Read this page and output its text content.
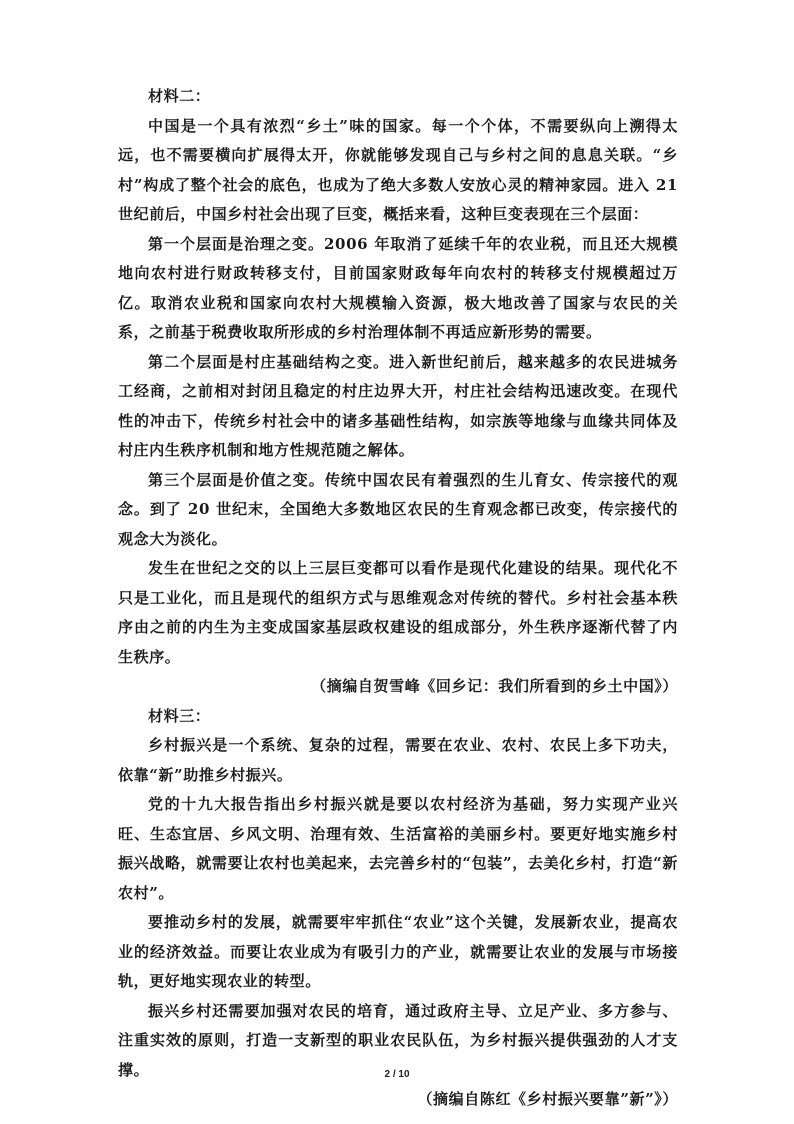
材料二：

中国是一个具有浓烈“乡土”味的国家。每一个个体，不需要纵向上溯得太远，也不需要横向扩展得太开，你就能够发现自己与乡村之间的息息关联。“乡村”构成了整个社会的底色，也成为了绝大多数人安放心灵的精神家园。进入 21 世纪前后，中国乡村社会出现了巨变，概括来看，这种巨变表现在三个层面：

第一个层面是治理之变。2006 年取消了延续千年的农业税，而且还大规模地向农村进行财政转移支付，目前国家财政每年向农村的转移支付规模超过万亿。取消农业税和国家向农村大规模输入资源，极大地改善了国家与农民的关系，之前基于税费收取所形成的乡村治理体制不再适应新形势的需要。

第二个层面是村庄基础结构之变。进入新世纪前后，越来越多的农民进城务工经商，之前相对封闭且稳定的村庄边界大开，村庄社会结构迅速改变。在现代性的冲击下，传统乡村社会中的诸多基础性结构，如宗族等地缘与血缘共同体及村庄内生秩序机制和地方性规范随之解体。

第三个层面是价值之变。传统中国农民有着强烈的生儿育女、传宗接代的观念。到了 20 世纪末，全国绝大多数地区农民的生育观念都已改变，传宗接代的观念大为淡化。

发生在世纪之交的以上三层巨变都可以看作是现代化建设的结果。现代化不只是工业化，而且是现代的组织方式与思维观念对传统的替代。乡村社会基本秩序由之前的内生为主变成国家基层政权建设的组成部分，外生秩序逐渐代替了内生秩序。

（摘编自贺雪峰《回乡记：我们所看到的乡土中国》）

材料三：

乡村振兴是一个系统、复杂的过程，需要在农业、农村、农民上多下功夫，依靠“新”助推乡村振兴。

党的十九大报告指出乡村振兴就是要以农村经济为基础，努力实现产业兴旺、生态宜居、乡风文明、治理有效、生活富裕的美丽乡村。要更好地实施乡村振兴战略，就需要让农村也美起来，去完善乡村的“包装”，去美化乡村，打造“新农村”。

要推动乡村的发展，就需要牢牢抓住“农业”这个关键，发展新农业，提高农业的经济效益。而要让农业成为有吸引力的产业，就需要让农业的发展与市场接轨，更好地实现农业的转型。

振兴乡村还需要加强对农民的培育，通过政府主导、立足产业、多方参与、注重实效的原则，打造一支新型的职业农民队伍，为乡村振兴提供强劲的人才支撑。

（摘编自陈红《乡村振兴要靠”新”》）

2 / 10
